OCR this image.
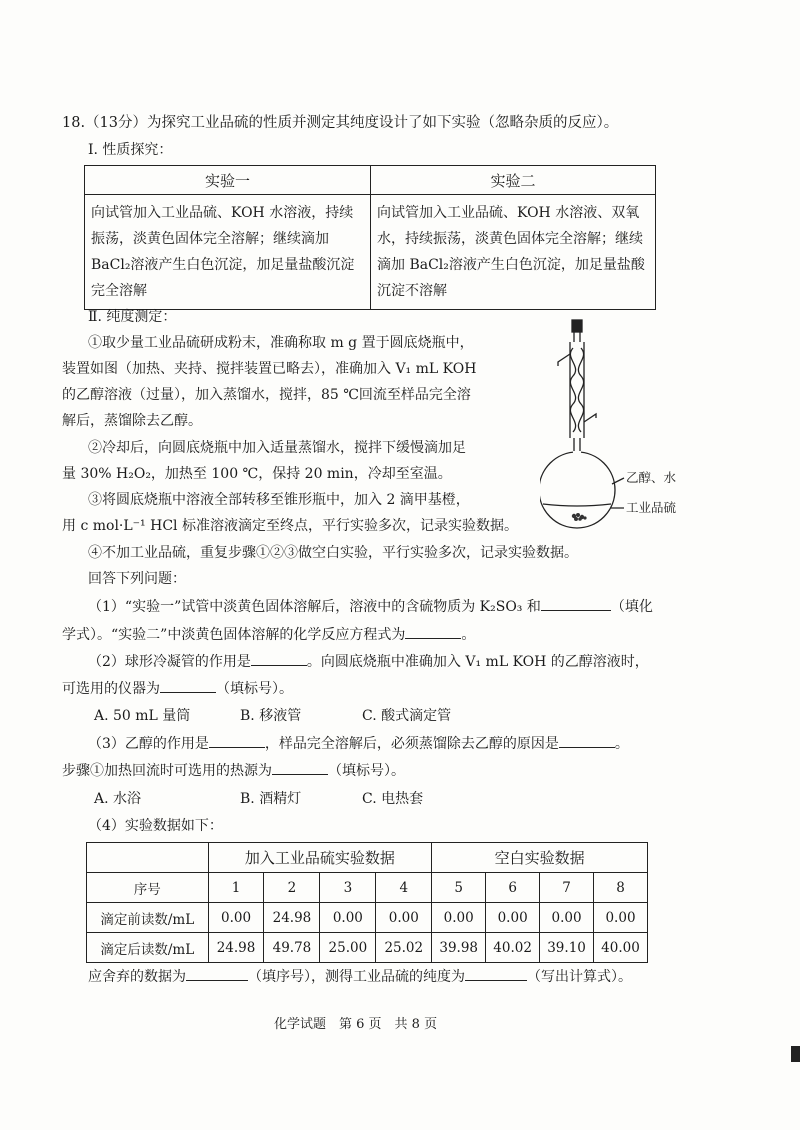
18.（13分）为探究工业品硫的性质并测定其纯度设计了如下实验（忽略杂质的反应）。
Ⅰ. 性质探究：
实验一	实验二
向试管加入工业品硫、KOH 水溶液，持续振荡，淡黄色固体完全溶解；继续滴加BaCl₂溶液产生白色沉淀，加足量盐酸沉淀完全溶解	向试管加入工业品硫、KOH 水溶液、双氧水，持续振荡，淡黄色固体完全溶解；继续滴加 BaCl₂溶液产生白色沉淀，加足量盐酸沉淀不溶解
Ⅱ. 纯度测定：
①取少量工业品硫研成粉末，准确称取 m g 置于圆底烧瓶中，
装置如图（加热、夹持、搅拌装置已略去），准确加入 V₁ mL KOH
的乙醇溶液（过量），加入蒸馏水，搅拌，85 ℃回流至样品完全溶
解后，蒸馏除去乙醇。
②冷却后，向圆底烧瓶中加入适量蒸馏水，搅拌下缓慢滴加足
量 30% H₂O₂，加热至 100 ℃，保持 20 min，冷却至室温。
③将圆底烧瓶中溶液全部转移至锥形瓶中，加入 2 滴甲基橙，
用 c mol·L⁻¹ HCl 标准溶液滴定至终点，平行实验多次，记录实验数据。
④不加工业品硫，重复步骤①②③做空白实验，平行实验多次，记录实验数据。
乙醇、水
工业品硫
回答下列问题：
（1）“实验一”试管中淡黄色固体溶解后，溶液中的含硫物质为 K₂SO₃ 和	（填化
学式）。“实验二”中淡黄色固体溶解的化学反应方程式为	。
（2）球形冷凝管的作用是	。向圆底烧瓶中准确加入 V₁ mL KOH 的乙醇溶液时，
可选用的仪器为	（填标号）。
A. 50 mL 量筒	B. 移液管	C. 酸式滴定管
（3）乙醇的作用是	，样品完全溶解后，必须蒸馏除去乙醇的原因是	。
步骤①加热回流时可选用的热源为	（填标号）。
A. 水浴	B. 酒精灯	C. 电热套
（4）实验数据如下：
	加入工业品硫实验数据				空白实验数据			
序号	1	2	3	4	5	6	7	8
滴定前读数/mL	0.00	24.98	0.00	0.00	0.00	0.00	0.00	0.00
滴定后读数/mL	24.98	49.78	25.00	25.02	39.98	40.02	39.10	40.00
应舍弃的数据为	（填序号），测得工业品硫的纯度为	（写出计算式）。
化学试题　第 6 页　共 8 页
